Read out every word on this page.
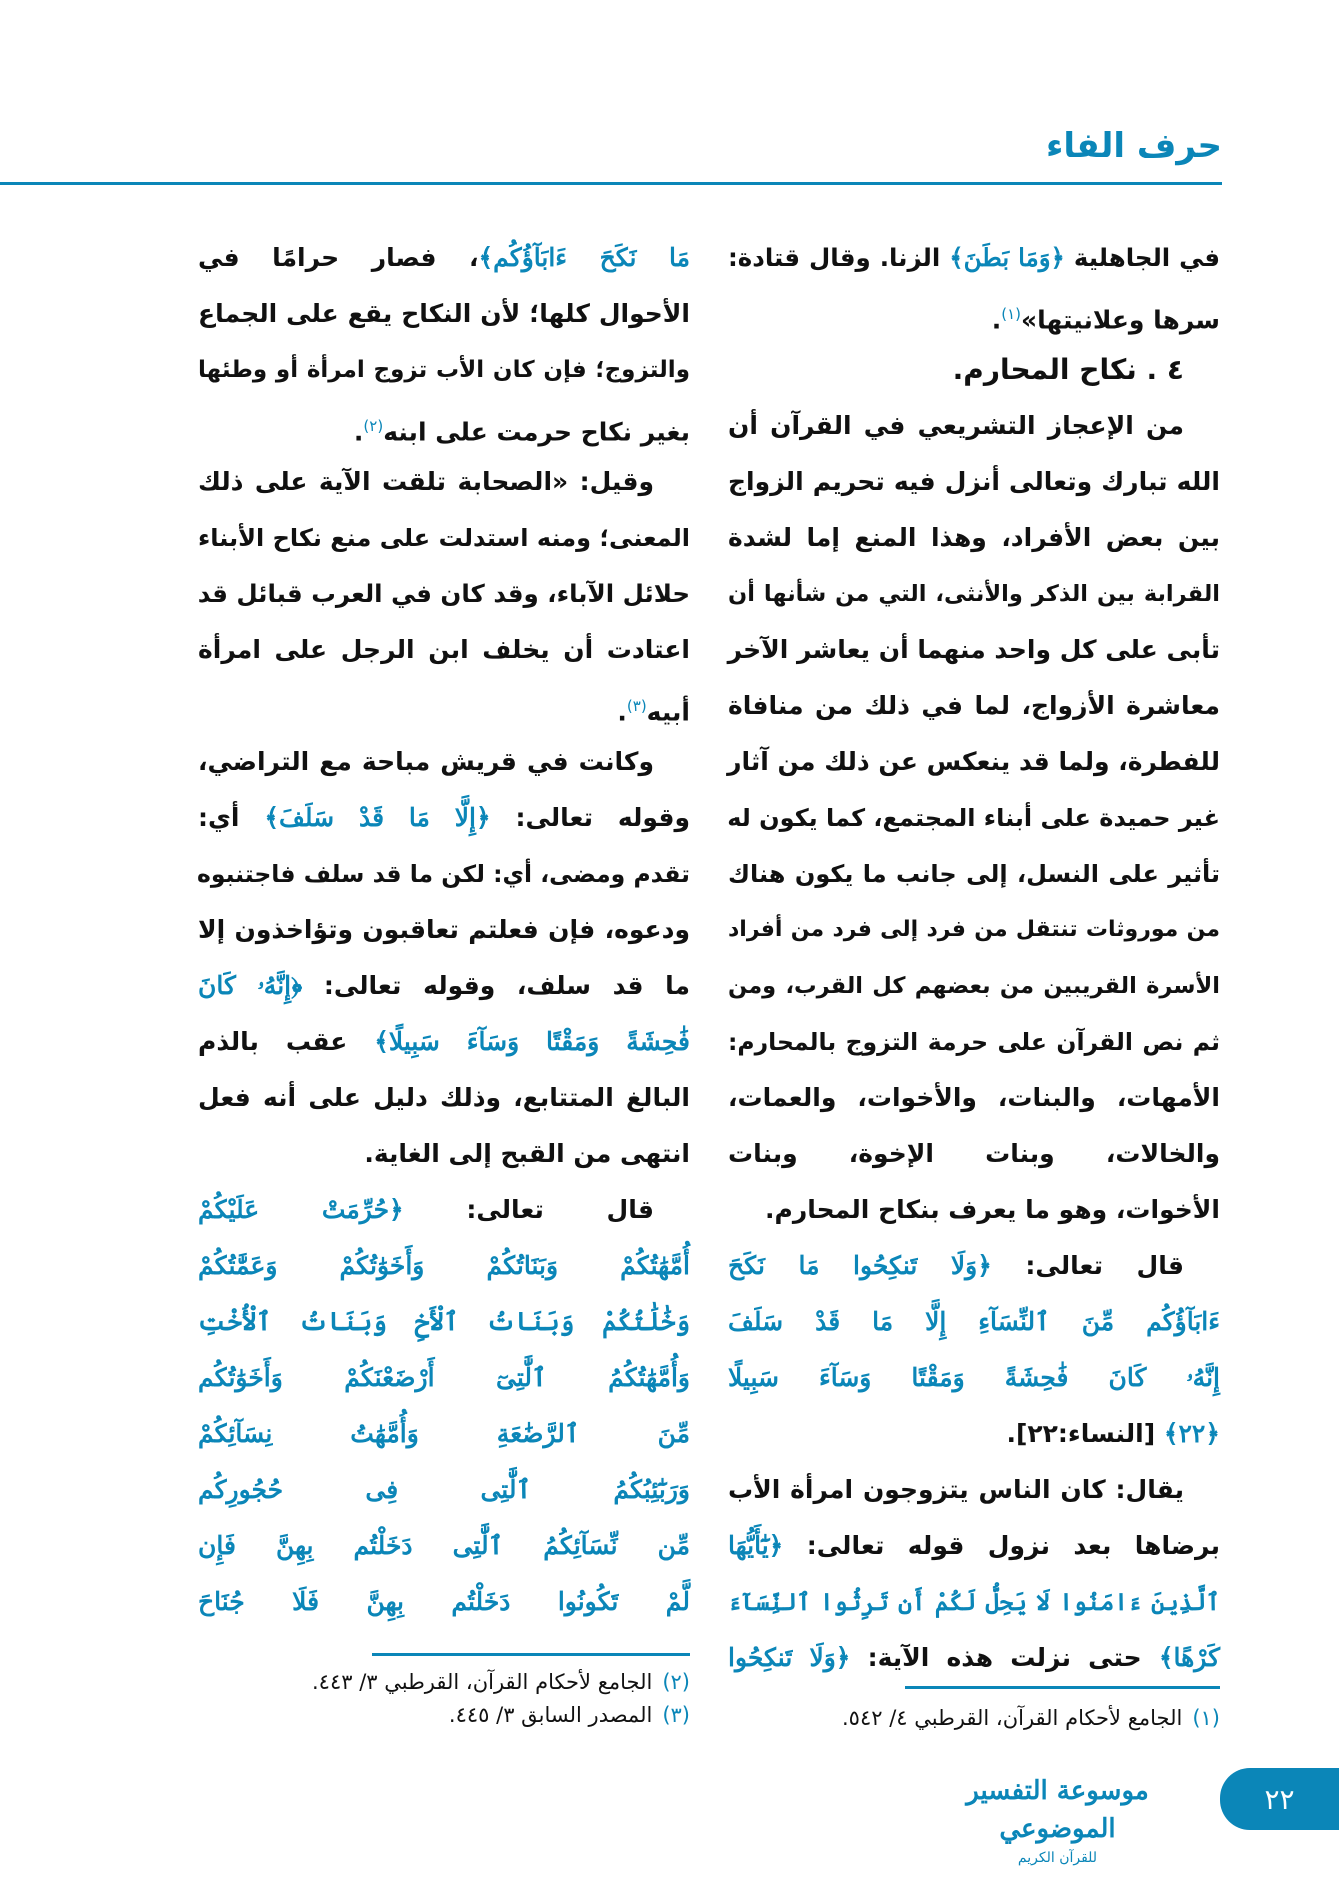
حرف الفاء
في الجاهلية ﴿وَمَا بَطَنَ﴾ الزنا. وقال قتادة:
سرها وعلانيتها»$^{(١)}$.
٤ . نكاح المحارم.
من الإعجاز التشريعي في القرآن أن
الله تبارك وتعالى أنزل فيه تحريم الزواج
بين بعض الأفراد، وهذا المنع إما لشدة
القرابة بين الذكر والأنثى، التي من شأنها أن
تأبى على كل واحد منهما أن يعاشر الآخر
معاشرة الأزواج، لما في ذلك من منافاة
للفطرة، ولما قد ينعكس عن ذلك من آثار
غير حميدة على أبناء المجتمع، كما يكون له
تأثير على النسل، إلى جانب ما يكون هناك
من موروثات تنتقل من فرد إلى فرد من أفراد
الأسرة القريبين من بعضهم كل القرب، ومن
ثم نص القرآن على حرمة التزوج بالمحارم:
الأمهات، والبنات، والأخوات، والعمات،
والخالات، وبنات الإخوة، وبنات
الأخوات، وهو ما يعرف بنكاح المحارم.
قال تعالى: ﴿وَلَا تَنكِحُوا مَا نَكَحَ
ءَابَآؤُكُم مِّنَ ٱلنِّسَآءِ إِلَّا مَا قَدْ سَلَفَ
إِنَّهُۥ كَانَ فَٰحِشَةً وَمَقْتًا وَسَآءَ سَبِيلًا
﴿٢٢﴾ [النساء:٢٢].
يقال: كان الناس يتزوجون امرأة الأب
برضاها بعد نزول قوله تعالى: ﴿يَٰٓأَيُّهَا
ٱلَّذِينَ ءَامَنُوا لَا يَحِلُّ لَكُمْ أَن تَرِثُوا ٱلنِّسَآءَ
كَرْهًا﴾ حتى نزلت هذه الآية: ﴿وَلَا تَنكِحُوا
مَا نَكَحَ ءَابَآؤُكُم﴾، فصار حرامًا في
الأحوال كلها؛ لأن النكاح يقع على الجماع
والتزوج؛ فإن كان الأب تزوج امرأة أو وطئها
بغير نكاح حرمت على ابنه$^{(٢)}$.
وقيل: «الصحابة تلقت الآية على ذلك
المعنى؛ ومنه استدلت على منع نكاح الأبناء
حلائل الآباء، وقد كان في العرب قبائل قد
اعتادت أن يخلف ابن الرجل على امرأة
أبيه$^{(٣)}$.
وكانت في قريش مباحة مع التراضي،
وقوله تعالى: ﴿إِلَّا مَا قَدْ سَلَفَ﴾ أي:
تقدم ومضى، أي: لكن ما قد سلف فاجتنبوه
ودعوه، فإن فعلتم تعاقبون وتؤاخذون إلا
ما قد سلف، وقوله تعالى: ﴿إِنَّهُۥ كَانَ
فَٰحِشَةً وَمَقْتًا وَسَآءَ سَبِيلًا﴾ عقب بالذم
البالغ المتتابع، وذلك دليل على أنه فعل
انتهى من القبح إلى الغاية.
قال تعالى: ﴿حُرِّمَتْ عَلَيْكُمْ
أُمَّهَٰتُكُمْ وَبَنَاتُكُمْ وَأَخَوَٰتُكُمْ وَعَمَّٰتُكُمْ
وَخَٰلَٰتُكُمْ وَبَنَاتُ ٱلْأَخِ وَبَنَاتُ ٱلْأُخْتِ
وَأُمَّهَٰتُكُمُ ٱلَّٰتِىٓ أَرْضَعْنَكُمْ وَأَخَوَٰتُكُم
مِّنَ ٱلرَّضَٰعَةِ وَأُمَّهَٰتُ نِسَآئِكُمْ
وَرَبَٰٓئِبُكُمُ ٱلَّٰتِى فِى حُجُورِكُم
مِّن نِّسَآئِكُمُ ٱلَّٰتِى دَخَلْتُم بِهِنَّ فَإِن
لَّمْ تَكُونُوا دَخَلْتُم بِهِنَّ فَلَا جُنَاحَ
(١)الجامع لأحكام القرآن، القرطبي ٤/ ٥٤٢.
(٢)الجامع لأحكام القرآن، القرطبي ٣/ ٤٤٣.
(٣)المصدر السابق ٣/ ٤٤٥.
موسوعة التفسير الموضوعي
للقرآن الكريم
٢٢
